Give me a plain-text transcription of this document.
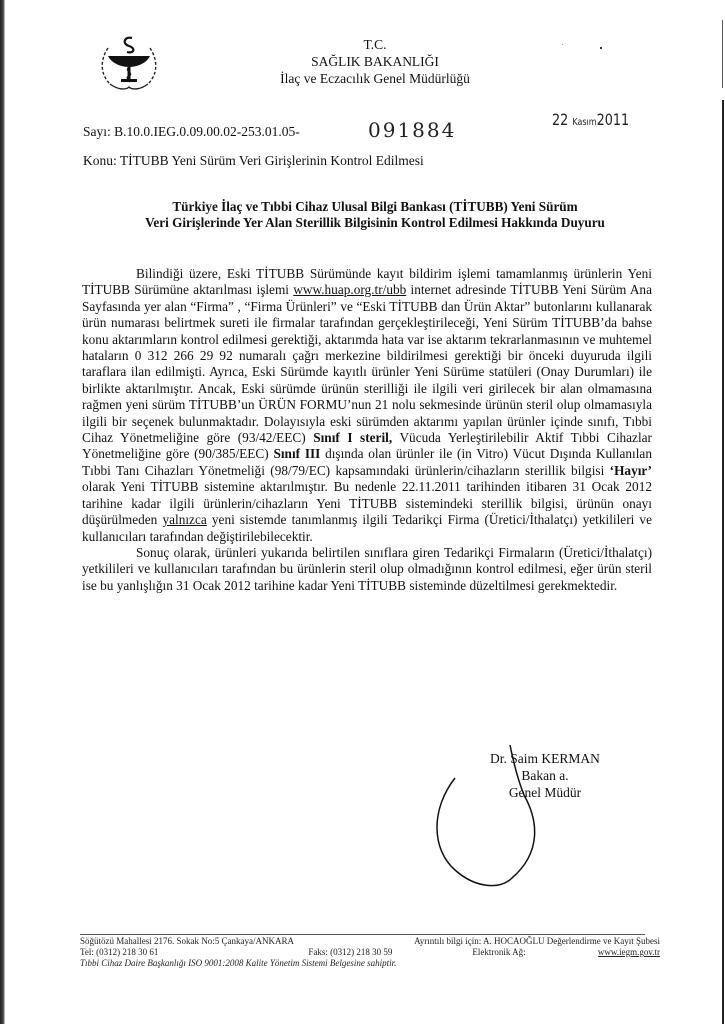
T.C.
SAĞLIK BAKANLIĞI
İlaç ve Eczacılık Genel Müdürlüğü
Sayı: B.10.0.IEG.0.09.00.02-253.01.05-	091884	22 Kasım2011
Konu: TİTUBB Yeni Sürüm Veri Girişlerinin Kontrol Edilmesi
Türkiye İlaç ve Tıbbi Cihaz Ulusal Bilgi Bankası (TİTUBB) Yeni Sürüm
Veri Girişlerinde Yer Alan Sterillik Bilgisinin Kontrol Edilmesi Hakkında Duyuru

Bilindiği üzere, Eski TİTUBB Sürümünde kayıt bildirim işlemi tamamlanmış ürünlerin Yeni TİTUBB Sürümüne aktarılması işlemi www.huap.org.tr/ubb internet adresinde TİTUBB Yeni Sürüm Ana Sayfasında yer alan “Firma” , “Firma Ürünleri” ve “Eski TİTUBB dan Ürün Aktar” butonlarını kullanarak ürün numarası belirtmek sureti ile firmalar tarafından gerçekleştirileceği, Yeni Sürüm TİTUBB’da bahse konu aktarımların kontrol edilmesi gerektiği, aktarımda hata var ise aktarım tekrarlanmasının ve muhtemel hataların 0 312 266 29 92 numaralı çağrı merkezine bildirilmesi gerektiği bir önceki duyuruda ilgili taraflara ilan edilmişti. Ayrıca, Eski Sürümde kayıtlı ürünler Yeni Sürüme statüleri (Onay Durumları) ile birlikte aktarılmıştır. Ancak, Eski sürümde ürünün sterilliği ile ilgili veri girilecek bir alan olmamasına rağmen yeni sürüm TİTUBB’un ÜRÜN FORMU’nun 21 nolu sekmesinde ürünün steril olup olmamasıyla ilgili bir seçenek bulunmaktadır. Dolayısıyla eski sürümden aktarımı yapılan ürünler içinde sınıfı, Tıbbi Cihaz Yönetmeliğine göre (93/42/EEC) Sınıf I steril, Vücuda Yerleştirilebilir Aktif Tıbbi Cihazlar Yönetmeliğine göre (90/385/EEC) Sınıf III dışında olan ürünler ile (in Vitro) Vücut Dışında Kullanılan Tıbbi Tanı Cihazları Yönetmeliği (98/79/EC) kapsamındaki ürünlerin/cihazların sterillik bilgisi ‘Hayır’ olarak Yeni TİTUBB sistemine aktarılmıştır. Bu nedenle 22.11.2011 tarihinden itibaren 31 Ocak 2012 tarihine kadar ilgili ürünlerin/cihazların Yeni TİTUBB sistemindeki sterillik bilgisi, ürünün onayı düşürülmeden yalnızca yeni sistemde tanımlanmış ilgili Tedarikçi Firma (Üretici/İthalatçı) yetkilileri ve kullanıcıları tarafından değiştirilebilecektir.

Sonuç olarak, ürünleri yukarıda belirtilen sınıflara giren Tedarikçi Firmaların (Üretici/İthalatçı) yetkilileri ve kullanıcıları tarafından bu ürünlerin steril olup olmadığının kontrol edilmesi, eğer ürün steril ise bu yanlışlığın 31 Ocak 2012 tarihine kadar Yeni TİTUBB sisteminde düzeltilmesi gerekmektedir.

Dr. Saim KERMAN
Bakan a.
Genel Müdür
Söğütözü Mahallesi 2176. Sokak No:5 Çankaya/ANKARA	Ayrıntılı bilgi için: A. HOCAOĞLU Değerlendirme ve Kayıt Şubesi
Tel: (0312) 218 30 61	Faks: (0312) 218 30 59	Elektronik Ağ:	www.iegm.gov.tr
Tıbbi Cihaz Daire Başkanlığı ISO 9001:2008 Kalite Yönetim Sistemi Belgesine sahiptir.
